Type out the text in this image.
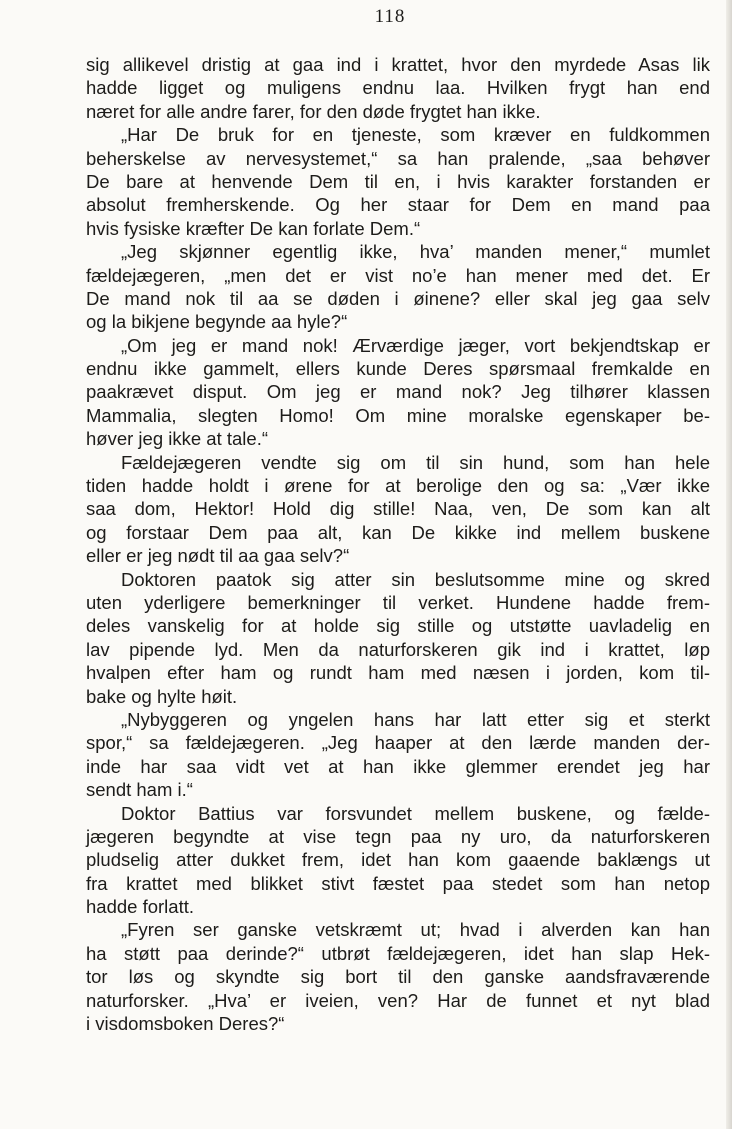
118
sig allikevel dristig at gaa ind i krattet, hvor den myrdede Asas lik
hadde ligget og muligens endnu laa. Hvilken frygt han end
næret for alle andre farer, for den døde frygtet han ikke.
„Har De bruk for en tjeneste, som kræver en fuldkommen
beherskelse av nervesystemet,“ sa han pralende, „saa behøver
De bare at henvende Dem til en, i hvis karakter forstanden er
absolut fremherskende. Og her staar for Dem en mand paa
hvis fysiske kræfter De kan forlate Dem.“
„Jeg skjønner egentlig ikke, hva’ manden mener,“ mumlet
fældejægeren, „men det er vist no’e han mener med det. Er
De mand nok til aa se døden i øinene? eller skal jeg gaa selv
og la bikjene begynde aa hyle?“
„Om jeg er mand nok! Ærværdige jæger, vort bekjendtskap er
endnu ikke gammelt, ellers kunde Deres spørsmaal fremkalde en
paakrævet disput. Om jeg er mand nok? Jeg tilhører klassen
Mammalia, slegten Homo! Om mine moralske egenskaper be-
høver jeg ikke at tale.“
Fældejægeren vendte sig om til sin hund, som han hele
tiden hadde holdt i ørene for at berolige den og sa: „Vær ikke
saa dom, Hektor! Hold dig stille! Naa, ven, De som kan alt
og forstaar Dem paa alt, kan De kikke ind mellem buskene
eller er jeg nødt til aa gaa selv?“
Doktoren paatok sig atter sin beslutsomme mine og skred
uten yderligere bemerkninger til verket. Hundene hadde frem-
deles vanskelig for at holde sig stille og utstøtte uavladelig en
lav pipende lyd. Men da naturforskeren gik ind i krattet, løp
hvalpen efter ham og rundt ham med næsen i jorden, kom til-
bake og hylte høit.
„Nybyggeren og yngelen hans har latt etter sig et sterkt
spor,“ sa fældejægeren. „Jeg haaper at den lærde manden der-
inde har saa vidt vet at han ikke glemmer erendet jeg har
sendt ham i.“
Doktor Battius var forsvundet mellem buskene, og fælde-
jægeren begyndte at vise tegn paa ny uro, da naturforskeren
pludselig atter dukket frem, idet han kom gaaende baklængs ut
fra krattet med blikket stivt fæstet paa stedet som han netop
hadde forlatt.
„Fyren ser ganske vetskræmt ut; hvad i alverden kan han
ha støtt paa derinde?“ utbrøt fældejægeren, idet han slap Hek-
tor løs og skyndte sig bort til den ganske aandsfraværende
naturforsker. „Hva’ er iveien, ven? Har de funnet et nyt blad
i visdomsboken Deres?“
